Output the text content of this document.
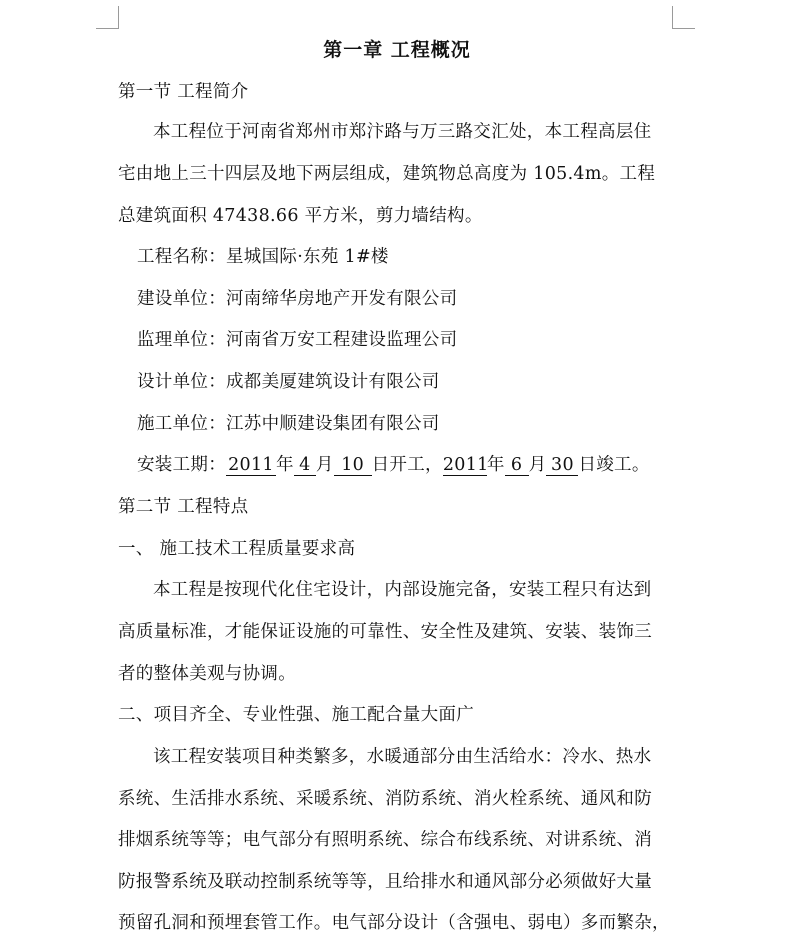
第一章 工程概况
第一节 工程简介
本工程位于河南省郑州市郑汴路与万三路交汇处，本工程高层住
宅由地上三十四层及地下两层组成，建筑物总高度为 105.4m。工程
总建筑面积 47438.66 平方米，剪力墙结构。
工程名称：星城国际·东苑 1#楼
建设单位：河南缔华房地产开发有限公司
监理单位：河南省万安工程建设监理公司
设计单位：成都美厦建筑设计有限公司
施工单位：江苏中顺建设集团有限公司
安装工期： 2011 年 4 月 10 日开工，2011年 6 月 30 日竣工。
第二节 工程特点
一、 施工技术工程质量要求高
本工程是按现代化住宅设计，内部设施完备，安装工程只有达到
高质量标准，才能保证设施的可靠性、安全性及建筑、安装、装饰三
者的整体美观与协调。
二、项目齐全、专业性强、施工配合量大面广
该工程安装项目种类繁多，水暖通部分由生活给水：冷水、热水
系统、生活排水系统、采暖系统、消防系统、消火栓系统、通风和防
排烟系统等等；电气部分有照明系统、综合布线系统、对讲系统、消
防报警系统及联动控制系统等等，且给排水和通风部分必须做好大量
预留孔洞和预埋套管工作。电气部分设计（含强电、弱电）多而繁杂，
